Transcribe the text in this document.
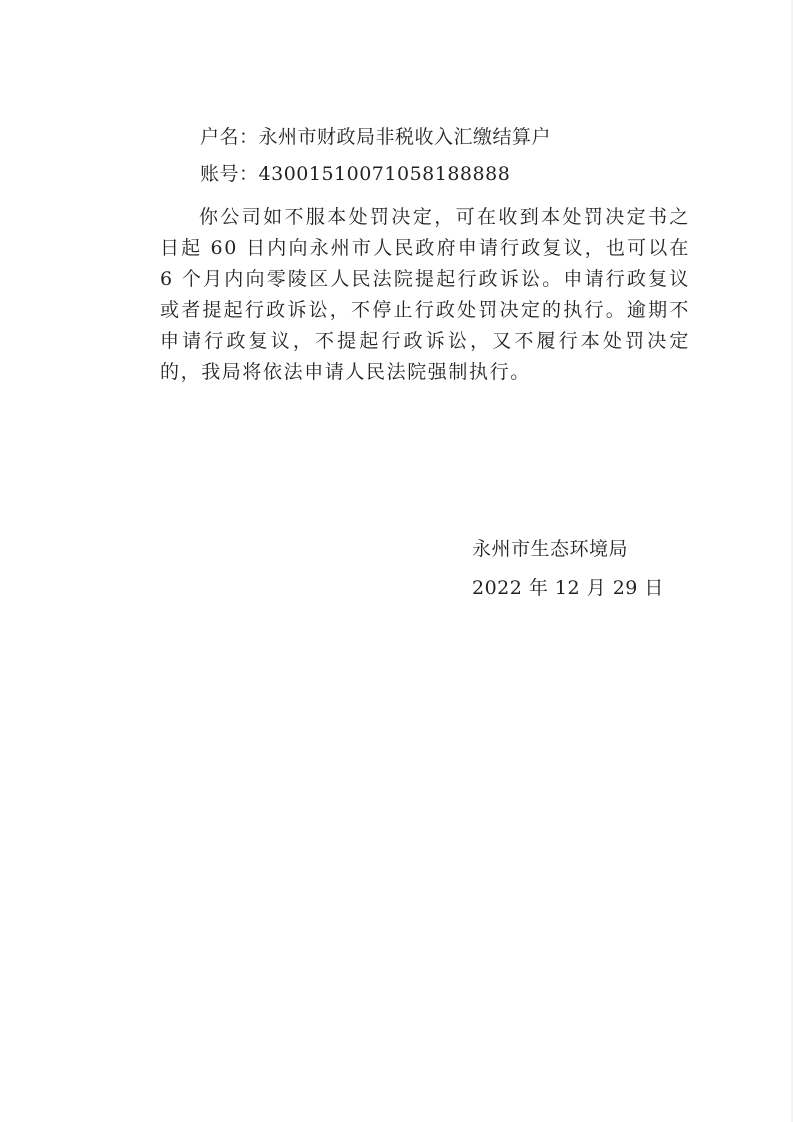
户名：永州市财政局非税收入汇缴结算户
账号：43001510071058188888
你公司如不服本处罚决定，可在收到本处罚决定书之日起 60 日内向永州市人民政府申请行政复议，也可以在 6 个月内向零陵区人民法院提起行政诉讼。申请行政复议或者提起行政诉讼，不停止行政处罚决定的执行。逾期不申请行政复议，不提起行政诉讼，又不履行本处罚决定的，我局将依法申请人民法院强制执行。
永州市生态环境局
2022 年 12 月 29 日
